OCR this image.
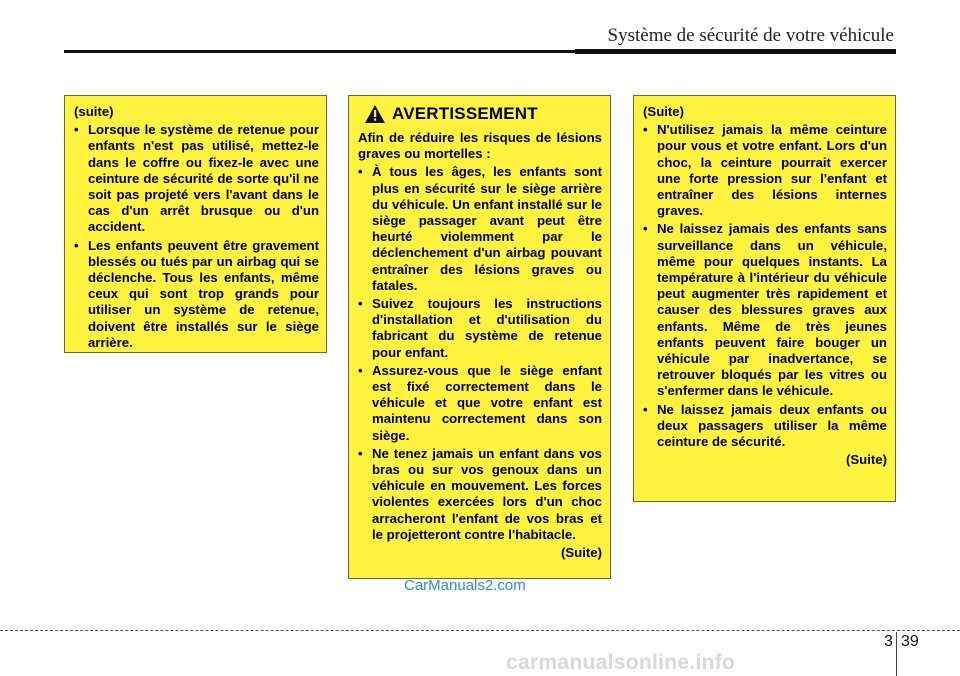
Système de sécurité de votre véhicule
(suite)
• Lorsque le système de retenue pour enfants n'est pas utilisé, mettez-le dans le coffre ou fixez-le avec une ceinture de sécurité de sorte qu'il ne soit pas projeté vers l'avant dans le cas d'un arrêt brusque ou d'un accident.
• Les enfants peuvent être gravement blessés ou tués par un airbag qui se déclenche. Tous les enfants, même ceux qui sont trop grands pour utiliser un système de retenue, doivent être installés sur le siège arrière.
AVERTISSEMENT
Afin de réduire les risques de lésions graves ou mortelles :
• À tous les âges, les enfants sont plus en sécurité sur le siège arrière du véhicule. Un enfant installé sur le siège passager avant peut être heurté violemment par le déclenchement d'un airbag pouvant entraîner des lésions graves ou fatales.
• Suivez toujours les instructions d'installation et d'utilisation du fabricant du système de retenue pour enfant.
• Assurez-vous que le siège enfant est fixé correctement dans le véhicule et que votre enfant est maintenu correctement dans son siège.
• Ne tenez jamais un enfant dans vos bras ou sur vos genoux dans un véhicule en mouvement. Les forces violentes exercées lors d'un choc arracheront l'enfant de vos bras et le projetteront contre l'habitacle.
(Suite)
(Suite)
• N'utilisez jamais la même ceinture pour vous et votre enfant. Lors d'un choc, la ceinture pourrait exercer une forte pression sur l'enfant et entraîner des lésions internes graves.
• Ne laissez jamais des enfants sans surveillance dans un véhicule, même pour quelques instants. La température à l'intérieur du véhicule peut augmenter très rapidement et causer des blessures graves aux enfants. Même de très jeunes enfants peuvent faire bouger un véhicule par inadvertance, se retrouver bloqués par les vitres ou s'enfermer dans le véhicule.
• Ne laissez jamais deux enfants ou deux passagers utiliser la même ceinture de sécurité.
(Suite)
CarManuals2.com
3 39
carmanualsonline.info
